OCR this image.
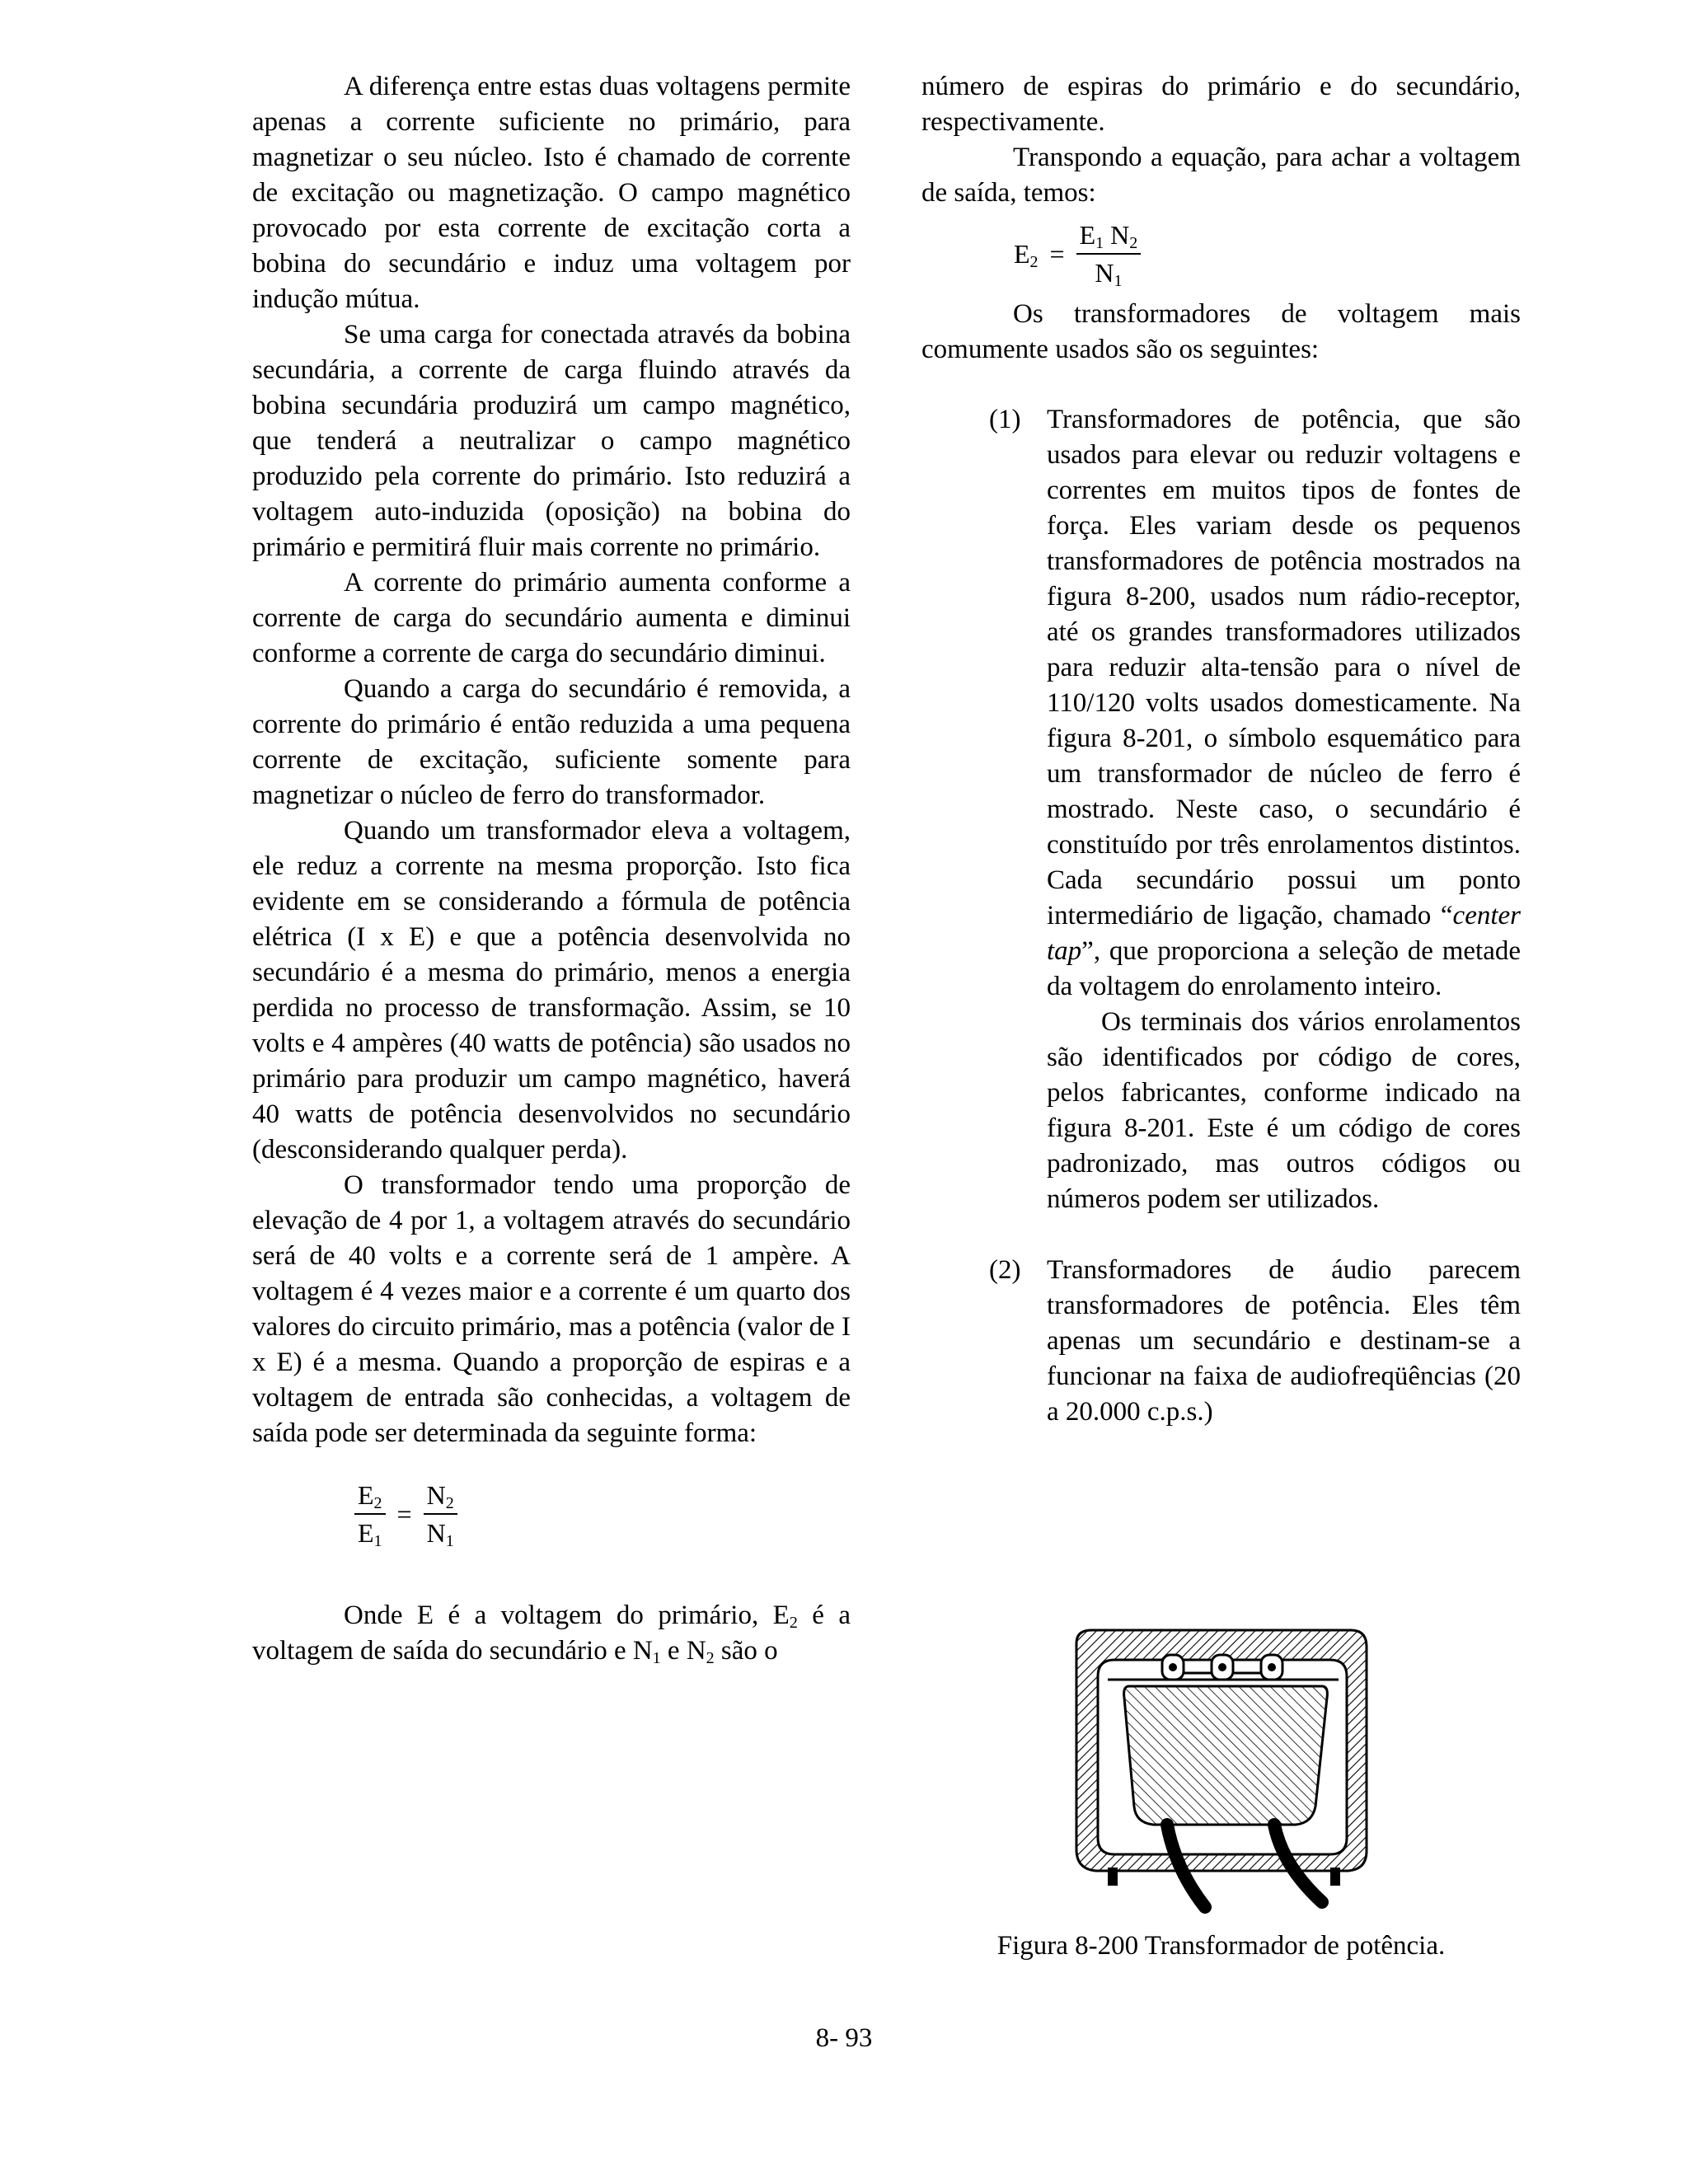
A diferença entre estas duas voltagens permite apenas a corrente suficiente no primário, para magnetizar o seu núcleo. Isto é chamado de corrente de excitação ou magnetização. O campo magnético provocado por esta corrente de excitação corta a bobina do secundário e induz uma voltagem por indução mútua.

Se uma carga for conectada através da bobina secundária, a corrente de carga fluindo através da bobina secundária produzirá um campo magnético, que tenderá a neutralizar o campo magnético produzido pela corrente do primário. Isto reduzirá a voltagem auto-induzida (oposição) na bobina do primário e permitirá fluir mais corrente no primário.

A corrente do primário aumenta conforme a corrente de carga do secundário aumenta e diminui conforme a corrente de carga do secundário diminui.

Quando a carga do secundário é removida, a corrente do primário é então reduzida a uma pequena corrente de excitação, suficiente somente para magnetizar o núcleo de ferro do transformador.

Quando um transformador eleva a voltagem, ele reduz a corrente na mesma proporção. Isto fica evidente em se considerando a fórmula de potência elétrica (I x E) e que a potência desenvolvida no secundário é a mesma do primário, menos a energia perdida no processo de transformação. Assim, se 10 volts e 4 ampères (40 watts de potência) são usados no primário para produzir um campo magnético, haverá 40 watts de potência desenvolvidos no secundário (desconsiderando qualquer perda).

O transformador tendo uma proporção de elevação de 4 por 1, a voltagem através do secundário será de 40 volts e a corrente será de 1 ampère. A voltagem é 4 vezes maior e a corrente é um quarto dos valores do circuito primário, mas a potência (valor de I x E) é a mesma. Quando a proporção de espiras e a voltagem de entrada são conhecidas, a voltagem de saída pode ser determinada da seguinte forma:

$\frac{E_2}{E_1} = \frac{N_2}{N_1}$

Onde E é a voltagem do primário, $E_2$ é a voltagem de saída do secundário e $N_1$ e $N_2$ são o

número de espiras do primário e do secundário, respectivamente.

Transpondo a equação, para achar a voltagem de saída, temos:

$E_2 = \frac{E_1 N_2}{N_1}$

Os transformadores de voltagem mais comumente usados são os seguintes:

(1) Transformadores de potência, que são usados para elevar ou reduzir voltagens e correntes em muitos tipos de fontes de força. Eles variam desde os pequenos transformadores de potência mostrados na figura 8-200, usados num rádio-receptor, até os grandes transformadores utilizados para reduzir alta-tensão para o nível de 110/120 volts usados domesticamente. Na figura 8-201, o símbolo esquemático para um transformador de núcleo de ferro é mostrado. Neste caso, o secundário é constituído por três enrolamentos distintos. Cada secundário possui um ponto intermediário de ligação, chamado “center tap”, que proporciona a seleção de metade da voltagem do enrolamento inteiro.

Os terminais dos vários enrolamentos são identificados por código de cores, pelos fabricantes, conforme indicado na figura 8-201. Este é um código de cores padronizado, mas outros códigos ou números podem ser utilizados.

(2) Transformadores de áudio parecem transformadores de potência. Eles têm apenas um secundário e destinam-se a funcionar na faixa de audiofreqüências (20 a 20.000 c.p.s.)

Figura 8-200 Transformador de potência.

8- 93
